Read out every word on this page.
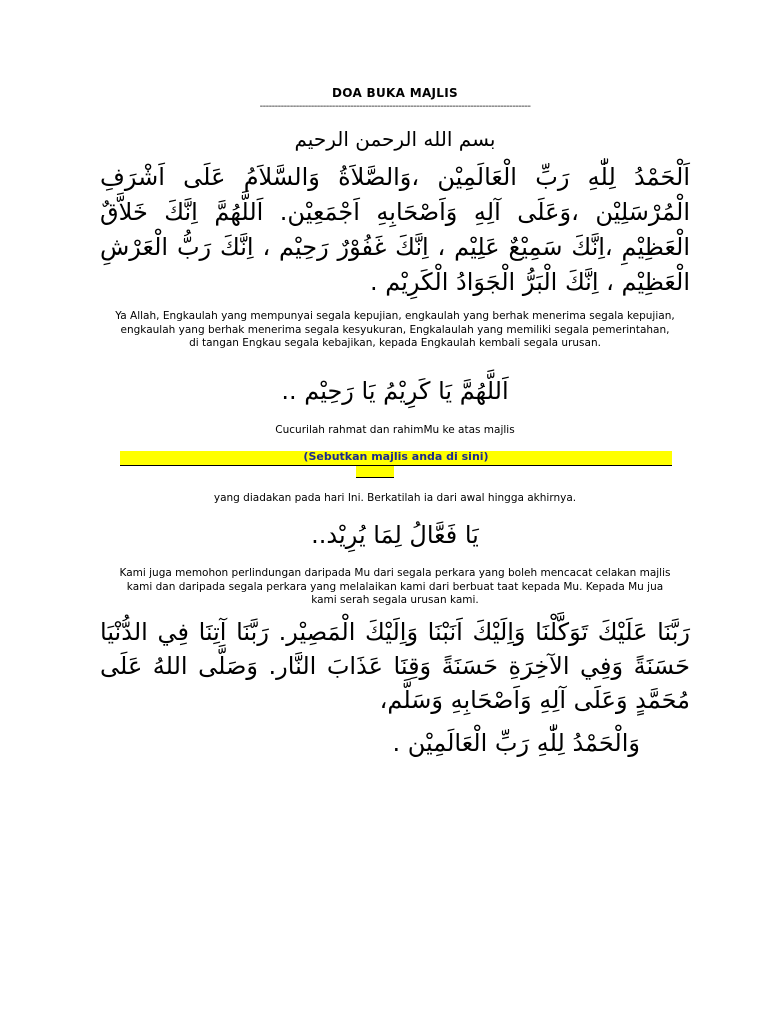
DOA BUKA MAJLIS
------------------------------------------------------------------------------------------
بسم الله الرحمن الرحيم
اَلْحَمْدُ لِلّٰهِ رَبِّ الْعَالَمِيْن ،وَالصَّلاَةُ وَالسَّلاَمُ عَلَى اَشْرَفِ الْمُرْسَلِيْن ،وَعَلَى آلِهِ وَاَصْحَابِهِ اَجْمَعِيْن. اَللَّهُمَّ اِنَّكَ خَلاَّقٌ الْعَظِيْمِ ،اِنَّكَ سَمِيْعٌ عَلِيْم ، اِنَّكَ غَفُوْرٌ رَحِيْم ، اِنَّكَ رَبُّ الْعَرْشِ الْعَظِيْم ، اِنَّكَ الْبَرُّ الْجَوَادُ الْكَرِيْم .
Ya Allah, Engkaulah yang mempunyai segala kepujian, engkaulah yang berhak menerima segala kepujian, engkaulah yang berhak menerima segala kesyukuran, Engkalaulah yang memiliki segala pemerintahan, di tangan Engkau segala kebajikan, kepada Engkaulah kembali segala urusan.
اَللَّهُمَّ يَا كَرِيْمُ يَا رَحِيْم ..
Cucurilah rahmat dan rahimMu ke atas majlis
(Sebutkan majlis anda di sini)
yang diadakan pada hari Ini. Berkatilah ia dari awal hingga akhirnya.
يَا فَعَّالُ لِمَا يُرِيْد..
Kami juga memohon perlindungan daripada Mu dari segala perkara yang boleh mencacat celakan majlis kami dan daripada segala perkara yang melalaikan kami dari berbuat taat kepada Mu. Kepada Mu jua kami serah segala urusan kami.
رَبَّنَا عَلَيْكَ تَوَكَّلْنَا وَاِلَيْكَ اَنَبْنَا وَاِلَيْكَ الْمَصِيْر. رَبَّنَا آتِنَا فِي الدُّنْيَا حَسَنَةً وَفِي الآخِرَةِ حَسَنَةً وَقِنَا عَذَابَ النَّار. وَصَلَّى اللهُ عَلَى مُحَمَّدٍ وَعَلَى آلِهِ وَاَصْحَابِهِ وَسَلَّم،
وَالْحَمْدُ لِلّٰهِ رَبِّ الْعَالَمِيْن .
